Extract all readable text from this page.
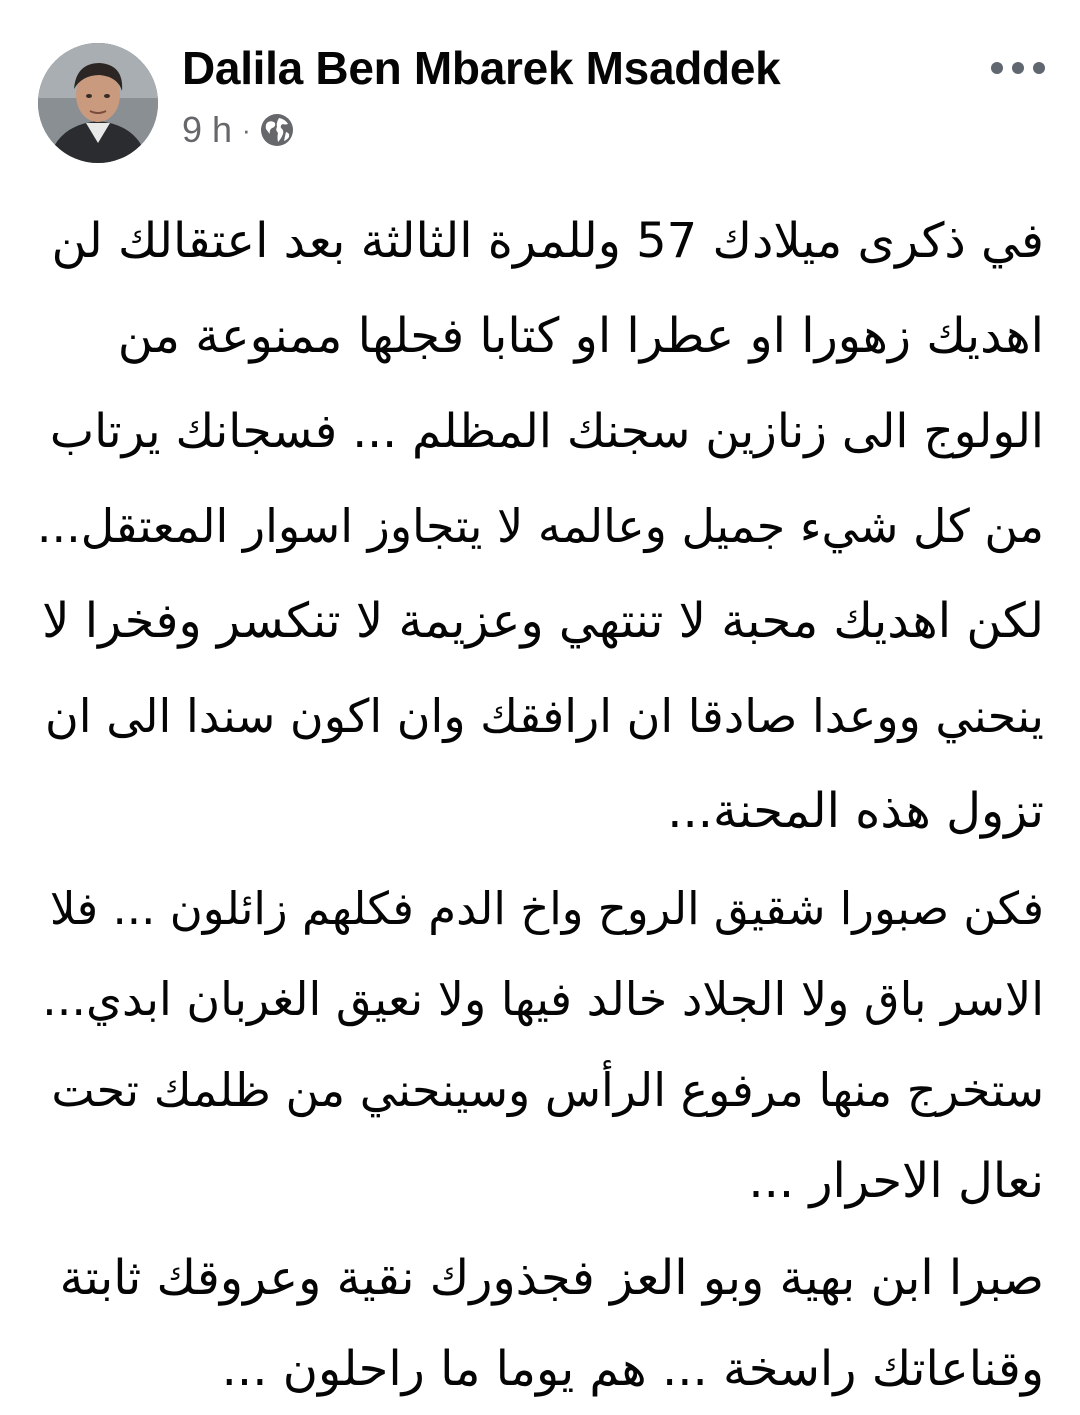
Dalila Ben Mbarek Msaddek
9 h ·

في ذكرى ميلادك 57 وللمرة الثالثة بعد اعتقالك لن
اهديك زهورا او عطرا او كتابا فجلها ممنوعة من
الولوج الى زنازين سجنك المظلم ... فسجانك يرتاب
من كل شيء جميل وعالمه لا يتجاوز اسوار المعتقل...
لكن اهديك محبة لا تنتهي وعزيمة لا تنكسر وفخرا لا
ينحني ووعدا صادقا ان ارافقك وان اكون سندا الى ان
تزول هذه المحنة...

فكن صبورا شقيق الروح واخ الدم فكلهم زائلون ... فلا
الاسر باق ولا الجلاد خالد فيها ولا نعيق الغربان ابدي...
ستخرج منها مرفوع الرأس وسينحني من ظلمك تحت
نعال الاحرار ...

صبرا ابن بهية وبو العز فجذورك نقية وعروقك ثابتة
وقناعاتك راسخة ... هم يوما ما راحلون ...
